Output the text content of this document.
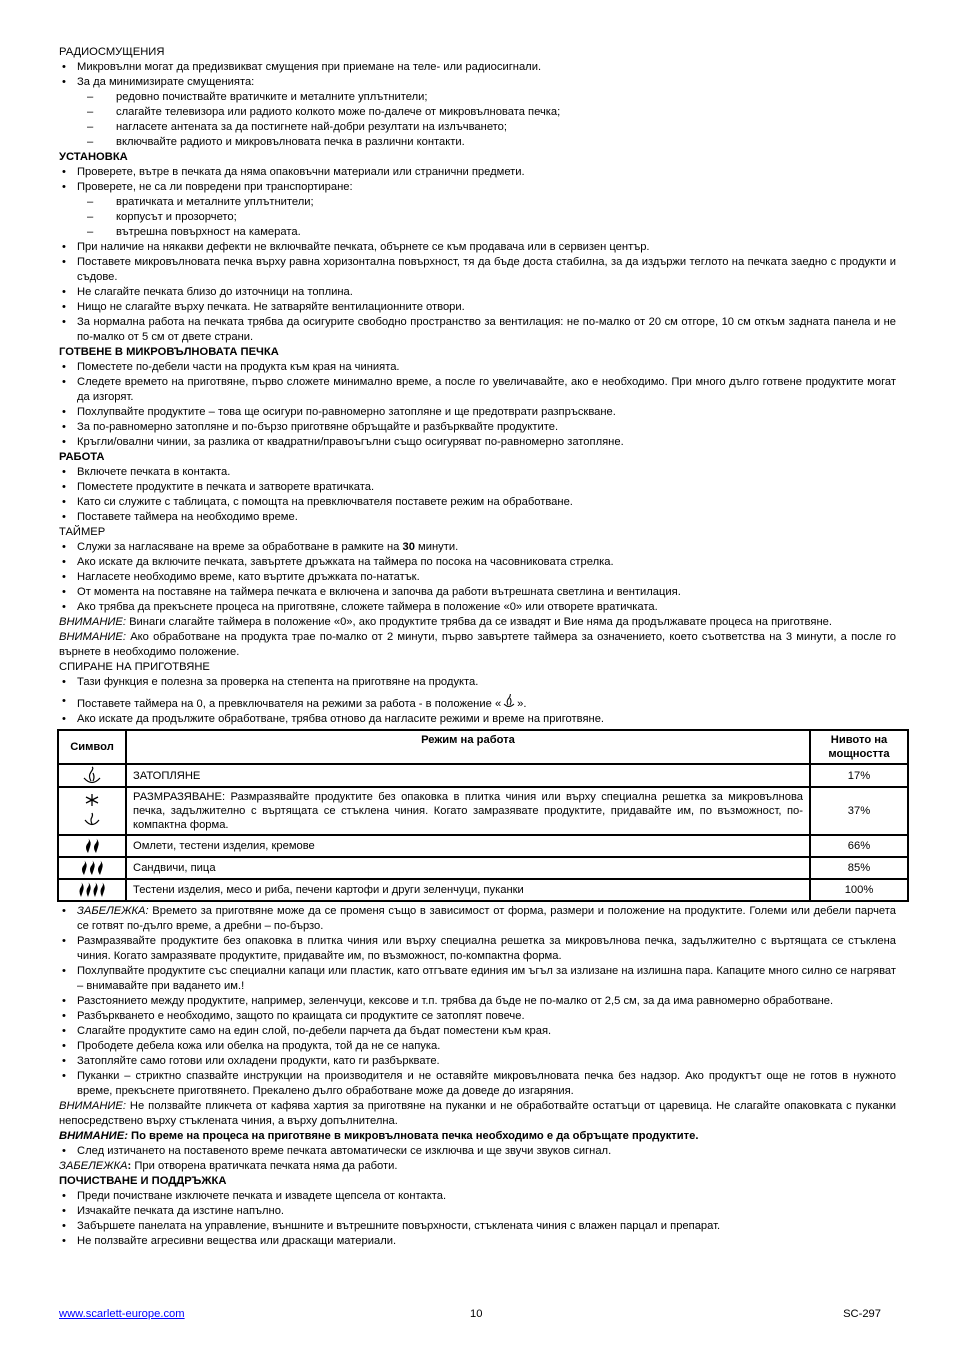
РАДИОСМУЩЕНИЯ
• Микровълни могат да предизвикват смущения при приемане на теле- или радиосигнали.
• За да минимизирате смущенията:
– редовно почиствайте вратичките и металните уплътнители;
– слагайте телевизора или радиото колкото може по-далече от микровълновата печка;
– нагласете антената за да постигнете най-добри резултати на излъчването;
– включвайте радиото и микровълновата печка в различни контакти.
УСТАНОВКА
• Проверете, вътре в печката да няма опаковъчни материали или странични предмети.
• Проверете, не са ли повредени при транспортиране:
– вратичката и металните уплътнители;
– корпусът и прозорчето;
– вътрешна повърхност на камерата.
• При наличие на някакви дефекти не включвайте печката, обърнете се към продавача или в сервизен център.
• Поставете микровълновата печка върху равна хоризонтална повърхност, тя да бъде доста стабилна, за да издържи теглото на печката заедно с продукти и съдове.
• Не слагайте печката близо до източници на топлина.
• Нищо не слагайте върху печката. Не затваряйте вентилационните отвори.
• За нормална работа на печката трябва да осигурите свободно пространство за вентилация: не по-малко от 20 см отгоре, 10 см откъм задната панела и не по-малко от 5 см от двете страни.
ГОТВЕНЕ В МИКРОВЪЛНОВАТА ПЕЧКА
• Поместете по-дебели части на продукта към края на чинията.
• Следете времето на приготвяне, първо сложете минимално време, а после го увеличавайте, ако е необходимо. При много дълго готвене продуктите могат да изгорят.
• Похлупвайте продуктите – това ще осигури по-равномерно затопляне и ще предотврати разпръскване.
• За по-равномерно затопляне и по-бързо приготвяне обръщайте и разбърквайте продуктите.
• Кръгли/овални чинии, за разлика от квадратни/правоъгълни също осигуряват по-равномерно затопляне.
РАБОТА
• Включете печката в контакта.
• Поместете продуктите в печката и затворете вратичката.
• Като си служите с таблицата, с помощта на превключвателя поставете режим на обработване.
• Поставете таймера на необходимо време.
ТАЙМЕР
• Служи за нагласяване на време за обработване в рамките на 30 минути.
• Ако искате да включите печката, завъртете дръжката на таймера по посока на часовниковата стрелка.
• Нагласете необходимо време, като въртите дръжката по-нататък.
• От момента на поставяне на таймера печката е включена и започва да работи вътрешната светлина и вентилация.
• Ако трябва да прекъснете процеса на приготвяне, сложете таймера в положение «0» или отворете вратичката.

ВНИМАНИЕ: Винаги слагайте таймера в положение «0», ако продуктите трябва да се извадят и Вие няма да продължавате процеса на приготвяне.

ВНИМАНИЕ: Ако обработване на продукта трае по-малко от 2 минути, първо завъртете таймера за означението, което съответства на 3 минути, а после го върнете в необходимо положение.

СПИРАНЕ НА ПРИГОТВЯНЕ
• Тази функция е полезна за проверка на степента на приготвяне на продукта.
• Поставете таймера на 0, а превключвателя на режими за работа - в положение « ».
• Ако искате да продължите обработване, трябва отново да нагласите режими и време на приготвяне.
Символ	Режим на работа	Нивото на мощността

	ЗАТОПЛЯНЕ	17%

	РАЗМРАЗЯВАНЕ: Размразявайте продуктите без опаковка в плитка чиния или върху специална решетка за микровълнова печка, задължително с въртящата се стъклена чиния. Когато замразявате продуктите, придавайте им, по възможност, по-компактна форма.	37%

	Омлети, тестени изделия, кремове	66%

	Сандвичи, пица	85%

	Тестени изделия, месо и риба, печени картофи и други зеленчуци, пуканки	100%
• ЗАБЕЛЕЖКА: Времето за приготвяне може да се променя също в зависимост от форма, размери и положение на продуктите. Големи или дебели парчета се готвят по-дълго време, а дребни – по-бързо.
• Размразявайте продуктите без опаковка в плитка чиния или върху специална решетка за микровълнова печка, задължително с въртящата се стъклена чиния. Когато замразявате продуктите, придавайте им, по възможност, по-компактна форма.
• Похлупвайте продуктите със специални капаци или пластик, като отгъвате единия им ъгъл за излизане на излишна пара. Капаците много силно се нагряват – внимавайте при вадането им.!
• Разстоянието между продуктите, например, зеленчуци, кексове и т.п. трябва да бъде не по-малко от 2,5 см, за да има равномерно обработване.
• Разбъркването е необходимо, защото по краищата си продуктите се затоплят повече.
• Слагайте продуктите само на един слой, по-дебели парчета да бъдат поместени към края.
• Прободете дебела кожа или обелка на продукта, той да не се напука.
• Затопляйте само готови или охладени продукти, като ги разбърквате.
• Пуканки – стриктно спазвайте инструкции на производителя и не оставяйте микровълновата печка без надзор. Ако продуктът още не готов в нужното време, прекъснете приготвянето. Прекалено дълго обработване може да доведе до изгаряния.

ВНИМАНИЕ: Не ползвайте пликчета от кафява хартия за приготвяне на пуканки и не обработвайте остатъци от царевица. Не слагайте опаковката с пуканки непосредствено върху стъклената чиния, а върху допълнителна.

ВНИМАНИЕ: По време на процеса на приготвяне в микровълновата печка необходимо е да обръщате продуктите.

• След изтичането на поставеното време печката автоматически се изключва и ще звучи звуков сигнал.

ЗАБЕЛЕЖКА: При отворена вратичката печката няма да работи.

ПОЧИСТВАНЕ И ПОДДРЪЖКА
• Преди почистване изключете печката и извадете щепсела от контакта.
• Изчакайте печката да изстине напълно.
• Забършете панелата на управление, външните и вътрешните повърхности, стъклената чиния с влажен парцал и препарат.
• Не ползвайте агресивни вещества или драскащи материали.
www.scarlett-europe.com	10	SC-297
